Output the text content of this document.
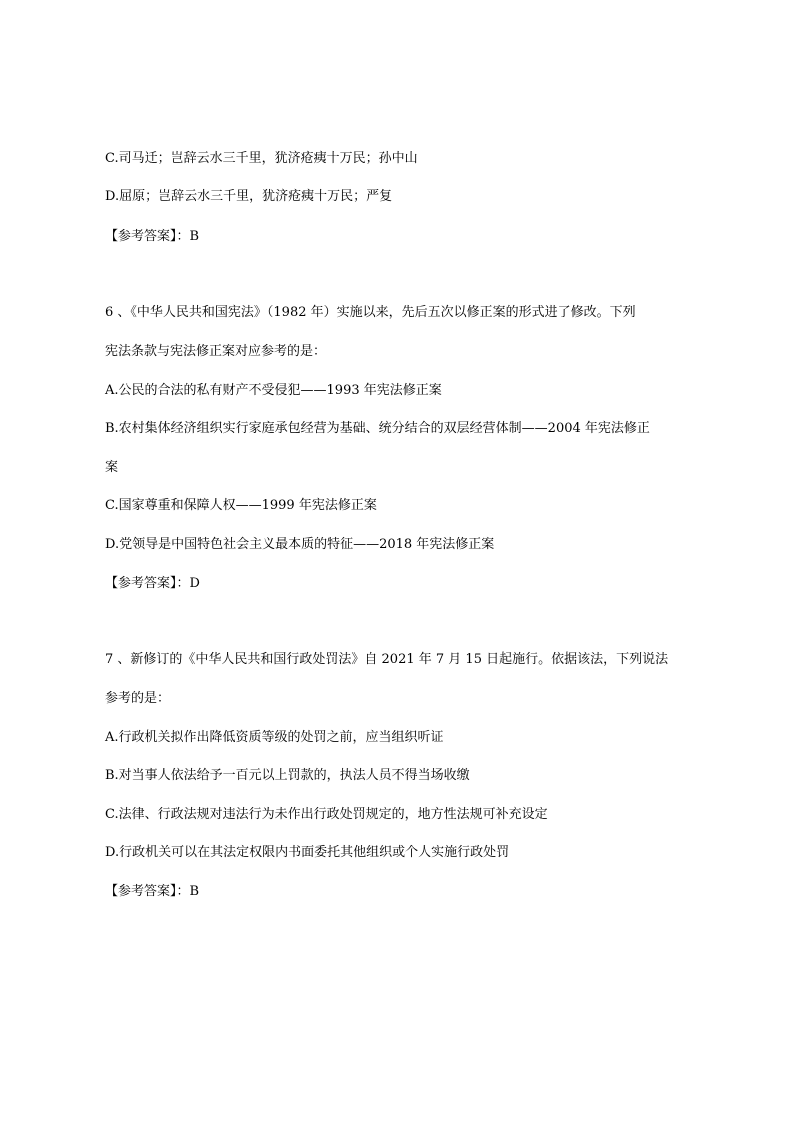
C.司马迁；岂辞云水三千里，犹济疮痍十万民；孙中山
D.屈原；岂辞云水三千里，犹济疮痍十万民；严复
【参考答案】：B
6 、《中华人民共和国宪法》（1982 年）实施以来，先后五次以修正案的形式进了修改。下列
宪法条款与宪法修正案对应参考的是：
A.公民的合法的私有财产不受侵犯——1993 年宪法修正案
B.农村集体经济组织实行家庭承包经营为基础、统分结合的双层经营体制——2004 年宪法修正
案
C.国家尊重和保障人权——1999 年宪法修正案
D.党领导是中国特色社会主义最本质的特征——2018 年宪法修正案
【参考答案】：D
7 、新修订的《中华人民共和国行政处罚法》自 2021 年 7 月 15 日起施行。依据该法，下列说法
参考的是：
A.行政机关拟作出降低资质等级的处罚之前，应当组织听证
B.对当事人依法给予一百元以上罚款的，执法人员不得当场收缴
C.法律、行政法规对违法行为未作出行政处罚规定的，地方性法规可补充设定
D.行政机关可以在其法定权限内书面委托其他组织或个人实施行政处罚
【参考答案】：B
